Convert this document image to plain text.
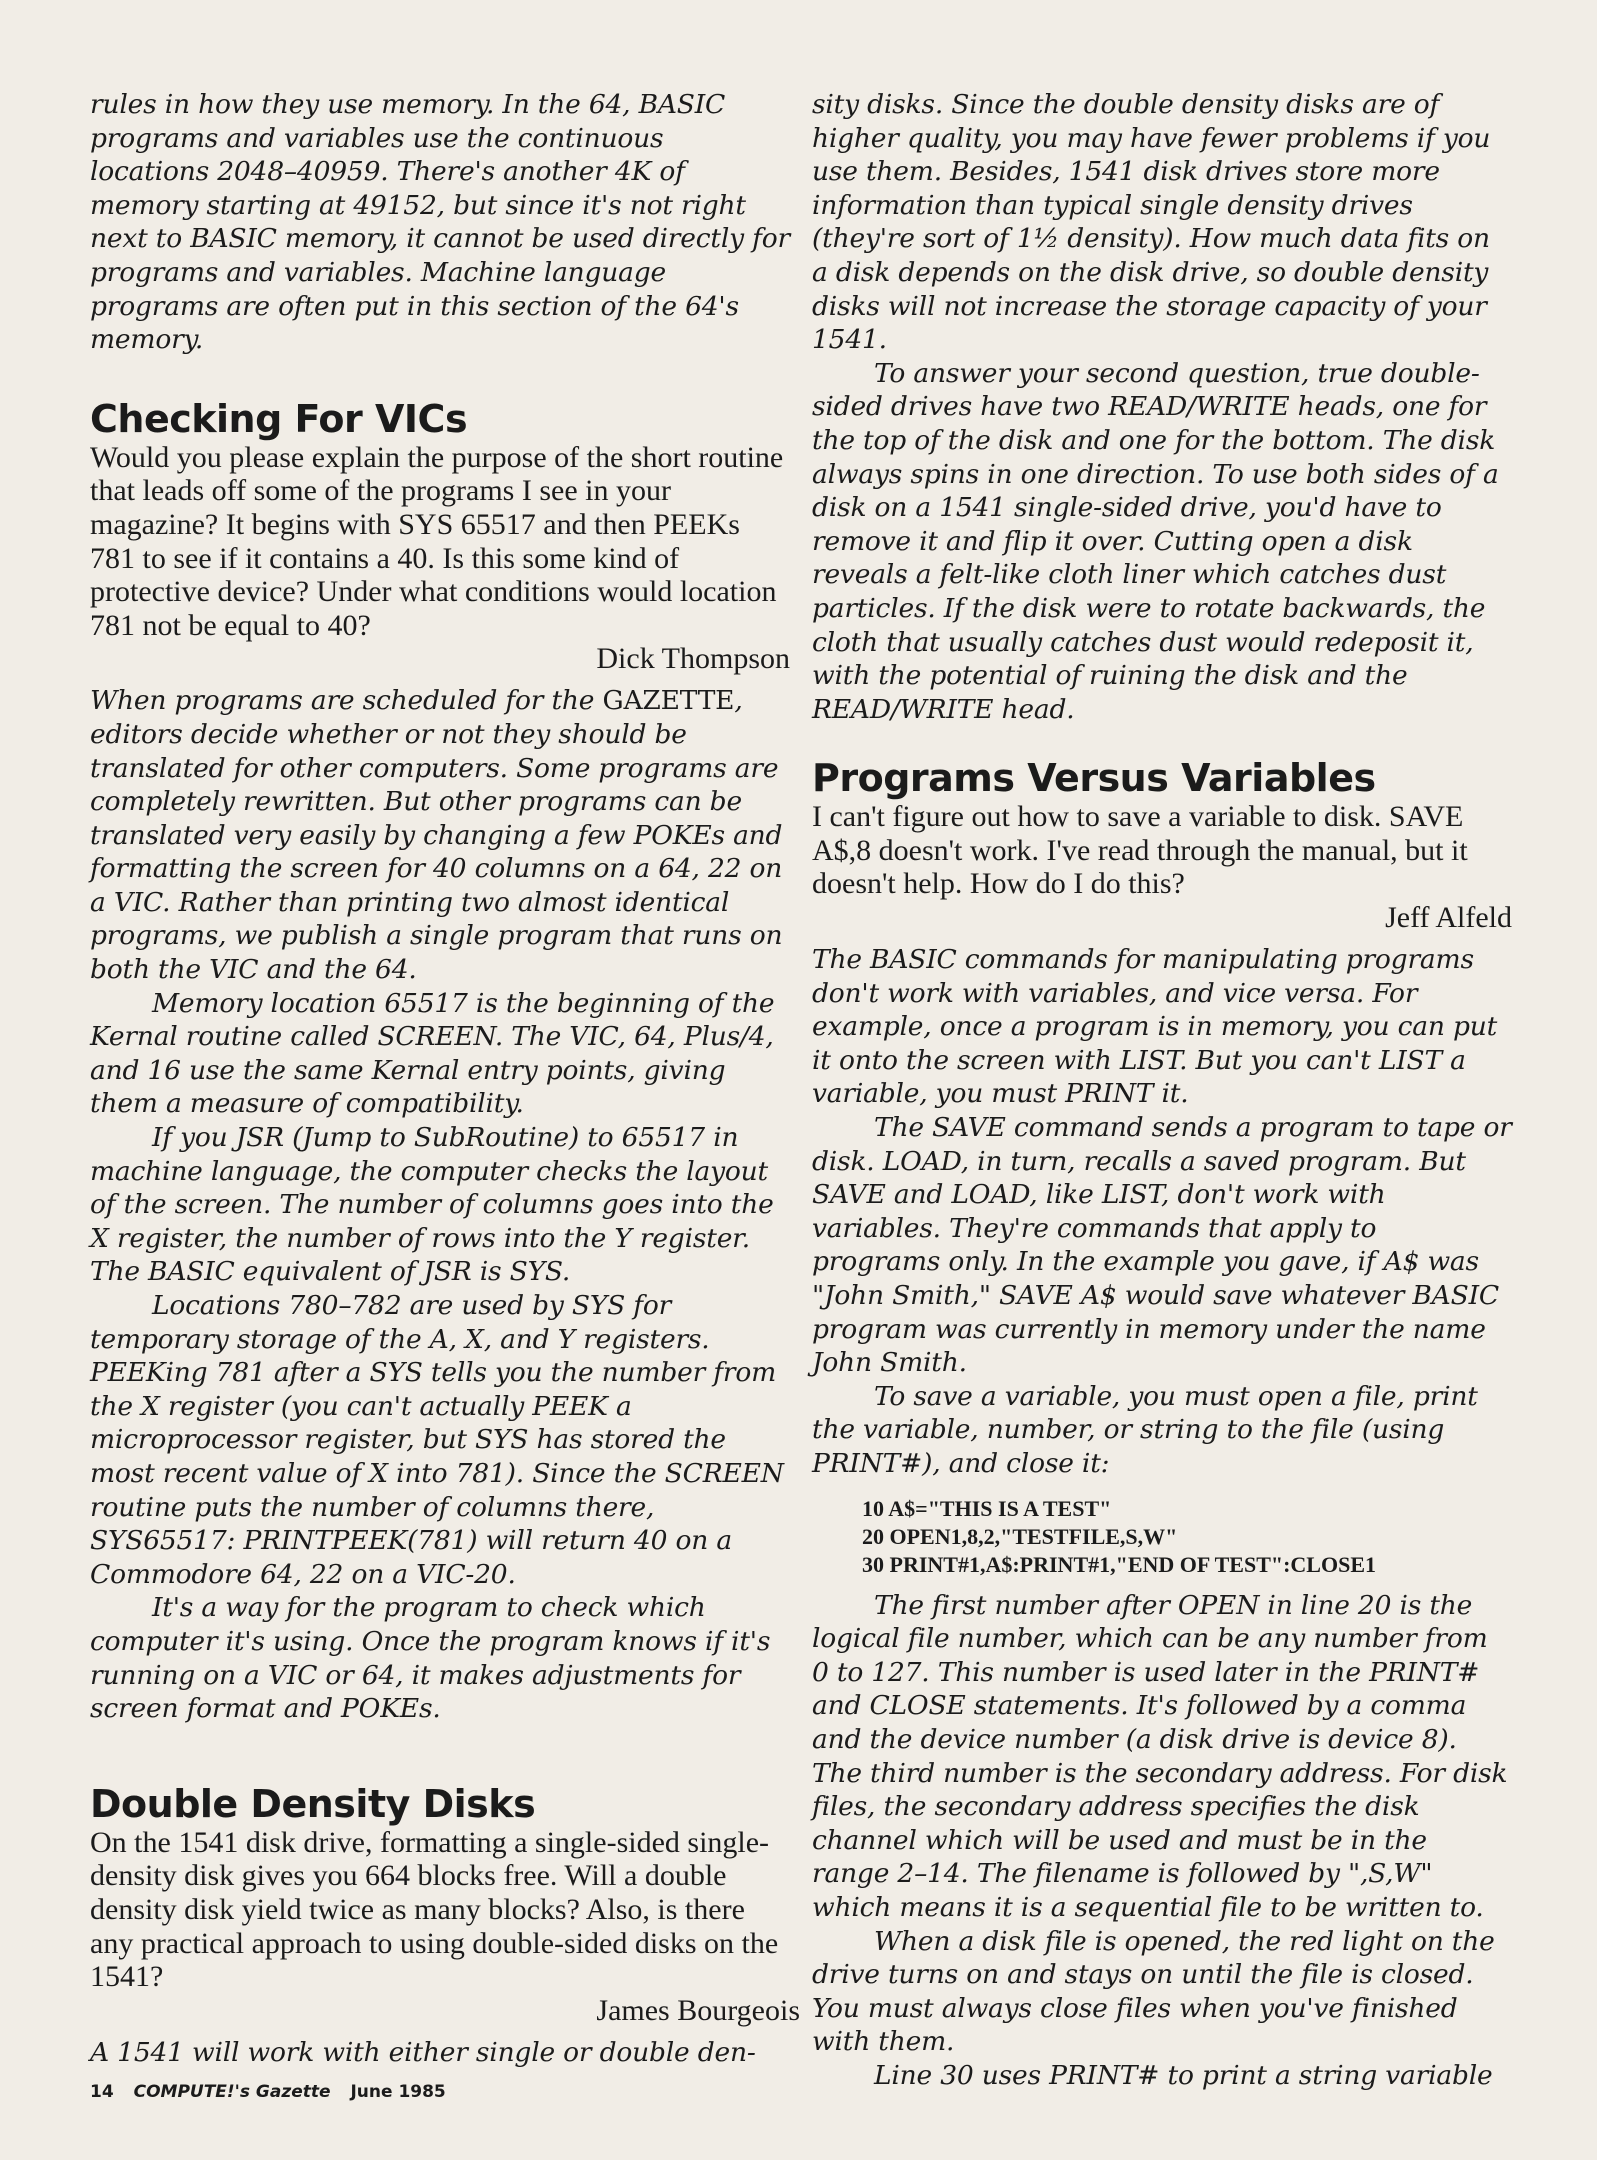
rules in how they use memory. In the 64, BASIC programs and variables use the continuous locations 2048–40959. There's another 4K of memory starting at 49152, but since it's not right next to BASIC memory, it cannot be used directly for programs and variables. Machine language programs are often put in this section of the 64's memory.

Checking For VICs

Would you please explain the purpose of the short routine that leads off some of the programs I see in your magazine? It begins with SYS 65517 and then PEEKs 781 to see if it contains a 40. Is this some kind of protective device? Under what conditions would location 781 not be equal to 40?

Dick Thompson

When programs are scheduled for the GAZETTE, editors decide whether or not they should be translated for other computers. Some programs are completely rewritten. But other programs can be translated very easily by changing a few POKEs and formatting the screen for 40 columns on a 64, 22 on a VIC. Rather than printing two almost identical programs, we publish a single program that runs on both the VIC and the 64.

Memory location 65517 is the beginning of the Kernal routine called SCREEN. The VIC, 64, Plus/4, and 16 use the same Kernal entry points, giving them a measure of compatibility.

If you JSR (Jump to SubRoutine) to 65517 in machine language, the computer checks the layout of the screen. The number of columns goes into the X register, the number of rows into the Y register. The BASIC equivalent of JSR is SYS.

Locations 780–782 are used by SYS for temporary storage of the A, X, and Y registers. PEEKing 781 after a SYS tells you the number from the X register (you can't actually PEEK a microprocessor register, but SYS has stored the most recent value of X into 781). Since the SCREEN routine puts the number of columns there, SYS65517: PRINTPEEK(781) will return 40 on a Commodore 64, 22 on a VIC-20.

It's a way for the program to check which computer it's using. Once the program knows if it's running on a VIC or 64, it makes adjustments for screen format and POKEs.

Double Density Disks

On the 1541 disk drive, formatting a single-sided single-density disk gives you 664 blocks free. Will a double density disk yield twice as many blocks? Also, is there any practical approach to using double-sided disks on the 1541?

James Bourgeois

A 1541 will work with either single or double den-

sity disks. Since the double density disks are of higher quality, you may have fewer problems if you use them. Besides, 1541 disk drives store more information than typical single density drives (they're sort of 1½ density). How much data fits on a disk depends on the disk drive, so double density disks will not increase the storage capacity of your 1541.

To answer your second question, true double-sided drives have two READ/WRITE heads, one for the top of the disk and one for the bottom. The disk always spins in one direction. To use both sides of a disk on a 1541 single-sided drive, you'd have to remove it and flip it over. Cutting open a disk reveals a felt-like cloth liner which catches dust particles. If the disk were to rotate backwards, the cloth that usually catches dust would redeposit it, with the potential of ruining the disk and the READ/WRITE head.

Programs Versus Variables

I can't figure out how to save a variable to disk. SAVE A$,8 doesn't work. I've read through the manual, but it doesn't help. How do I do this?

Jeff Alfeld

The BASIC commands for manipulating programs don't work with variables, and vice versa. For example, once a program is in memory, you can put it onto the screen with LIST. But you can't LIST a variable, you must PRINT it.

The SAVE command sends a program to tape or disk. LOAD, in turn, recalls a saved program. But SAVE and LOAD, like LIST, don't work with variables. They're commands that apply to programs only. In the example you gave, if A$ was "John Smith," SAVE A$ would save whatever BASIC program was currently in memory under the name John Smith.

To save a variable, you must open a file, print the variable, number, or string to the file (using PRINT#), and close it:

10 A$="THIS IS A TEST"
20 OPEN1,8,2,"TESTFILE,S,W"
30 PRINT#1,A$:PRINT#1,"END OF TEST":CLOSE1

The first number after OPEN in line 20 is the logical file number, which can be any number from 0 to 127. This number is used later in the PRINT# and CLOSE statements. It's followed by a comma and the device number (a disk drive is device 8). The third number is the secondary address. For disk files, the secondary address specifies the disk channel which will be used and must be in the range 2–14. The filename is followed by ",S,W" which means it is a sequential file to be written to.

When a disk file is opened, the red light on the drive turns on and stays on until the file is closed. You must always close files when you've finished with them.

Line 30 uses PRINT# to print a string variable

14 COMPUTE!'s Gazette June 1985
